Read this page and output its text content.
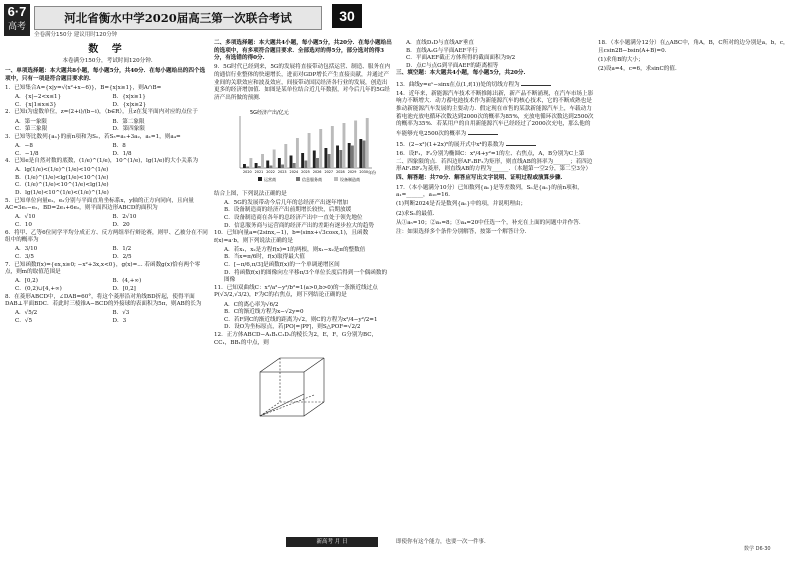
6·7
高考
河北省衡水中学2020届高三第一次联合考试	30
全卷满分150分 建议用时120分钟
数 学
本卷满分150分，考试时间120分钟.

一、单项选择题：本大题共8小题，每小题5分，共40分．在每小题给出的四个选项中，只有一项是符合题目要求的.

1．已知集合A={x|y=√(x²+x−6)}，B={x|x≥1}，则A∩B=

A．{x|−2<x≤1}	B．{x|x≥1}
C．{x|1≤x≤3}	D．{x|x≥2}

2．已知i为虚数单位，z=(2+i)/(b−i)，（b∈R），且z在复平面内对应的点位于

A．第一象限	B．第二象限
C．第三象限	D．第四象限

3．已知等比数列{aₙ}的前n项和为Sₙ，若S₃=a₁+3a₂，a₁=1，则a₄=

A．−8	B．8
C．−1/8	D．1/8

4．已知e是自然对数的底数，(1/e)^(1/e)，10^(1/e)，lg(1/e)的大小关系为

A．lg(1/e)<(1/e)^(1/e)<10^(1/e)
B．(1/e)^(1/e)<lg(1/e)<10^(1/e)
C．(1/e)^(1/e)<10^(1/e)<lg(1/e)
D．lg(1/e)<10^(1/e)<(1/e)^(1/e)

5．已知单位向量e₁，e₂分别与平面直角坐标系x，y轴的正方向同向，且向量AC=3e₁−e₂，BD=2e₁+6e₂，则平面四边形ABCD的面积为

A．√10	B．2√10
C．10	D．20

6．将甲、乙等6位同学平均分成正方、反方两组举行辩论赛，则甲、乙被分在不同组中的概率为

A．3/10	B．1/2
C．3/5	D．2/5

7．已知函数f(x)={ex,x≥0; −x²+3x,x<0}，g(x)=... 若函数g(x)恰有两个零点，则m的取值范围是

A．[0,2)	B．(4,+∞)
C．(0,2)∪[4,+∞)	D．[0,2]

8．在菱形ABCD中，∠DAB=60°，将这个菱形沿对角线BD折起，使得平面DAB⊥平面BDC．若此时三棱锥A−BCD的外接球的表面积为5π，则AB的长为

A．√5/2	B．√3
C．√5	D．3

二、多项选择题：本大题共4小题，每小题5分，共20分．在每小题给出的选项中，有多项符合题目要求．全部选对的得5分，部分选对的得3分，有选错的得0分.

9．5G时代已经到来，5G的发展将直接带动包括运营、制造、服务在内的通信行业整体的快速增长，进而对GDP增长产生直接贡献，并通过产业间的关联效应和波及效应，间接带动国民经济各行业的发展，创造出更多的经济增加值．如图是某单位结合近几年数据，对今后几年的5G经济产出所做的预测.

5G经济产出/亿元
年份
2020 2021 2022 2023 2024 2025 2026 2027 2028 2029 2030
运营商	信息服务商	设备制造商

结合上图，下列说法正确的是

A．5G的发展带动今后几年的总经济产出逐年增加
B．设备制造商的经济产出前期增长较快，后期放缓
C．设备制造商在各年的总经济产出中一直处于领先地位
D．信息服务商与运营商的经济产出的差距有逐步拉大的趋势

10．已知向量a=(2sinx,−1)，b=(sinx+√3cosx,1)，且函数f(x)=a·b，则下列说法正确的是

A．若x₁，x₂是方程f(x)=1的两根，则x₁−x₂是π的整数倍
B．当x=π/6时，f(x)取得最大值
C．[−π/6,π/3]是函数f(x)的一个单调递增区间
D．将函数f(x)的图像向左平移π/3个单位长度后得到一个偶函数的图像

11．已知双曲线C：x²/a²−y²/b²=1(a>0,b>0)的一条渐近线过点P(√3/2,√3/2)，F为C的右焦点，则下列结论正确的是

A．C的离心率为√6/2
B．C的渐近线方程为x−√2y=0
C．若F到C的渐近线的距离为√2，则C的方程为x²/4−y²/2=1
D．设O为坐标原点，若|PO|=|PF|，则S△POF=√2/2

12．正方体ABCD−A₁B₁C₁D₁的棱长为2，E，F，G分别为BC，CC₁，BB₁的中点，则

A．直线D₁D与直线AF垂直
B．直线A₁G与平面AEF平行
C．平面AEF截正方体所得的截面面积为9/2
D．点C与点G到平面AEF的距离相等

三、填空题：本大题共4小题，每小题5分，共20分.

13．曲线y=eˣ−sinx在点(1,f(1))处的切线方程为

14．近年来，新能源汽车技术不断推陈出新，新产品不断涌现，在汽车市场上影响力不断增大．动力蓄电池技术作为新能源汽车的核心技术，它的不断成熟也是推动新能源汽车发展的主要动力．假定现在市售的某款新能源汽车上，车载动力蓄电池充放电循环次数达到2000次的概率为85%，充放电循环次数达到2500次的概率为35%．若某用户的自用新能源汽车已经经过了2000次充电，那么他的车能够充电2500次的概率为

15．(2−x²)(1+2x)⁵的展开式中x⁴的系数为

16．设F₁，F₂分别为椭圆C：x²/4+y²=1的左、右焦点，A，B分别为C上第二、四象限的点．若四边形AF₁BF₂为矩形，则直线AB的斜率为______；若四边形AF₁BF₂为菱形，则直线AB的方程为______．（本题第一空2分，第二空3分）

四、解答题：共70分．解答应写出文字说明、证明过程或演算步骤.

17．（本小题满分10分）已知数列{aₙ}是等差数列，Sₙ是{aₙ}的前n项和，a₁=______，a₁₀=16．

(1)判断2024是否是数列{aₙ}中的项，并说明理由；

(2)求Sₙ的最值.

从①a₅=10；②a₂=8；③a₄=20中任选一个，补充在上面的问题中并作答.

注：如果选择多个条件分别解答，按第一个解答计分.

18．（本小题满分12分）在△ABC中，角A，B，C所对的边分别是a，b，c，且csin2B−bsin(A+B)=0．

(1)求角B的大小；

(2)设a=4，c=6，求sinC的值.

新高考 月 日	即使你有这个能力，也要一次一件事.
数学 D6·30
